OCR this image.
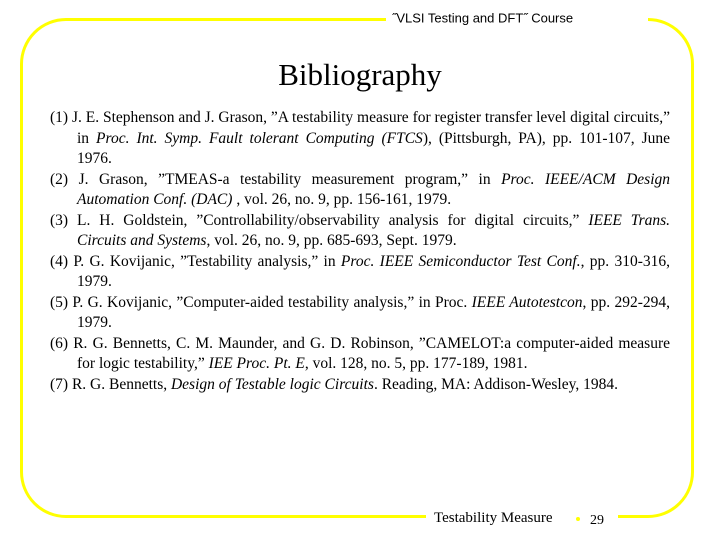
˝VLSI Testing and DFT˝ Course
Bibliography
(1) J. E. Stephenson and J. Grason, ”A testability measure for register transfer level digital circuits,” in Proc. Int. Symp. Fault tolerant Computing (FTCS), (Pittsburgh, PA), pp. 101-107, June 1976.
(2) J. Grason, ”TMEAS-a testability measurement program,” in Proc. IEEE/ACM Design Automation Conf. (DAC) , vol. 26, no. 9, pp. 156-161, 1979.
(3) L. H. Goldstein, ”Controllability/observability analysis for digital circuits,” IEEE Trans. Circuits and Systems, vol. 26, no. 9, pp. 685-693, Sept. 1979.
(4) P. G. Kovijanic, ”Testability analysis,” in Proc. IEEE Semiconductor Test Conf., pp. 310-316, 1979.
(5) P. G. Kovijanic, ”Computer-aided testability analysis,” in Proc. IEEE Autotestcon, pp. 292-294, 1979.
(6) R. G. Bennetts, C. M. Maunder, and G. D. Robinson, ”CAMELOT:a computer-aided measure for logic testability,” IEE Proc. Pt. E, vol. 128, no. 5, pp. 177-189, 1981.
(7) R. G. Bennetts, Design of Testable logic Circuits. Reading, MA: Addison-Wesley, 1984.
Testability Measure	29
